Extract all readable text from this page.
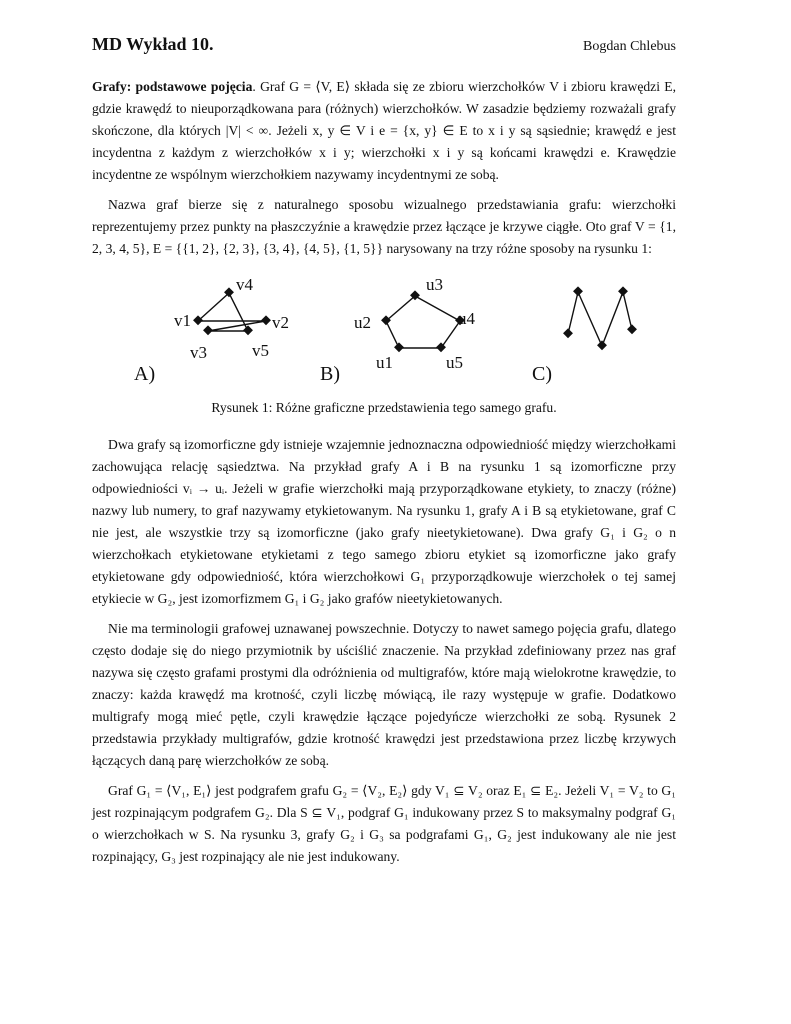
MD Wykład 10.	Bogdan Chlebus

Grafy: podstawowe pojęcia. Graf G = ⟨V, E⟩ składa się ze zbioru wierzchołków V i zbioru krawędzi E, gdzie krawędź to nieuporządkowana para (różnych) wierzchołków. W zasadzie będziemy rozważali grafy skończone, dla których |V| < ∞. Jeżeli x, y ∈ V i e = {x, y} ∈ E to x i y są sąsiednie; krawędź e jest incydentna z każdym z wierzchołków x i y; wierzchołki x i y są końcami krawędzi e. Krawędzie incydentne ze wspólnym wierzchołkiem nazywamy incydentnymi ze sobą.

Nazwa graf bierze się z naturalnego sposobu wizualnego przedstawiania grafu: wierzchołki reprezentujemy przez punkty na płaszczyźnie a krawędzie przez łączące je krzywe ciągłe. Oto graf V = {1, 2, 3, 4, 5}, E = {{1, 2}, {2, 3}, {3, 4}, {4, 5}, {1, 5}} narysowany na trzy różne sposoby na rysunku 1:

A)	B)	C)
v1	v2
v3
v4
v5
u1
u2
u3
u4
u5
Rysunek 1: Różne graficzne przedstawienia tego samego grafu.

Dwa grafy są izomorficzne gdy istnieje wzajemnie jednoznaczna odpowiedniość między wierzchołkami zachowująca relację sąsiedztwa. Na przykład grafy A i B na rysunku 1 są izomorficzne przy odpowiedniości vᵢ → uᵢ. Jeżeli w grafie wierzchołki mają przyporządkowane etykiety, to znaczy (różne) nazwy lub numery, to graf nazywamy etykietowanym. Na rysunku 1, grafy A i B są etykietowane, graf C nie jest, ale wszystkie trzy są izomorficzne (jako grafy nieetykietowane). Dwa grafy G₁ i G₂ o n wierzchołkach etykietowane etykietami z tego samego zbioru etykiet są izomorficzne jako grafy etykietowane gdy odpowiedniość, która wierzchołkowi G₁ przyporządkowuje wierzchołek o tej samej etykiecie w G₂, jest izomorfizmem G₁ i G₂ jako grafów nieetykietowanych.

Nie ma terminologii grafowej uznawanej powszechnie. Dotyczy to nawet samego pojęcia grafu, dlatego często dodaje się do niego przymiotnik by uściślić znaczenie. Na przykład zdefiniowany przez nas graf nazywa się często grafami prostymi dla odróżnienia od multigrafów, które mają wielokrotne krawędzie, to znaczy: każda krawędź ma krotność, czyli liczbę mówiącą, ile razy występuje w grafie. Dodatkowo multigrafy mogą mieć pętle, czyli krawędzie łączące pojedyńcze wierzchołki ze sobą. Rysunek 2 przedstawia przykłady multigrafów, gdzie krotność krawędzi jest przedstawiona przez liczbę krzywych łączących daną parę wierzchołków ze sobą.

Graf G₁ = ⟨V₁, E₁⟩ jest podgrafem grafu G₂ = ⟨V₂, E₂⟩ gdy V₁ ⊆ V₂ oraz E₁ ⊆ E₂. Jeżeli V₁ = V₂ to G₁ jest rozpinającym podgrafem G₂. Dla S ⊆ V₁, podgraf G₁ indukowany przez S to maksymalny podgraf G₁ o wierzchołkach w S. Na rysunku 3, grafy G₂ i G₃ sa podgrafami G₁, G₂ jest indukowany ale nie jest rozpinający, G₃ jest rozpinający ale nie jest indukowany.
